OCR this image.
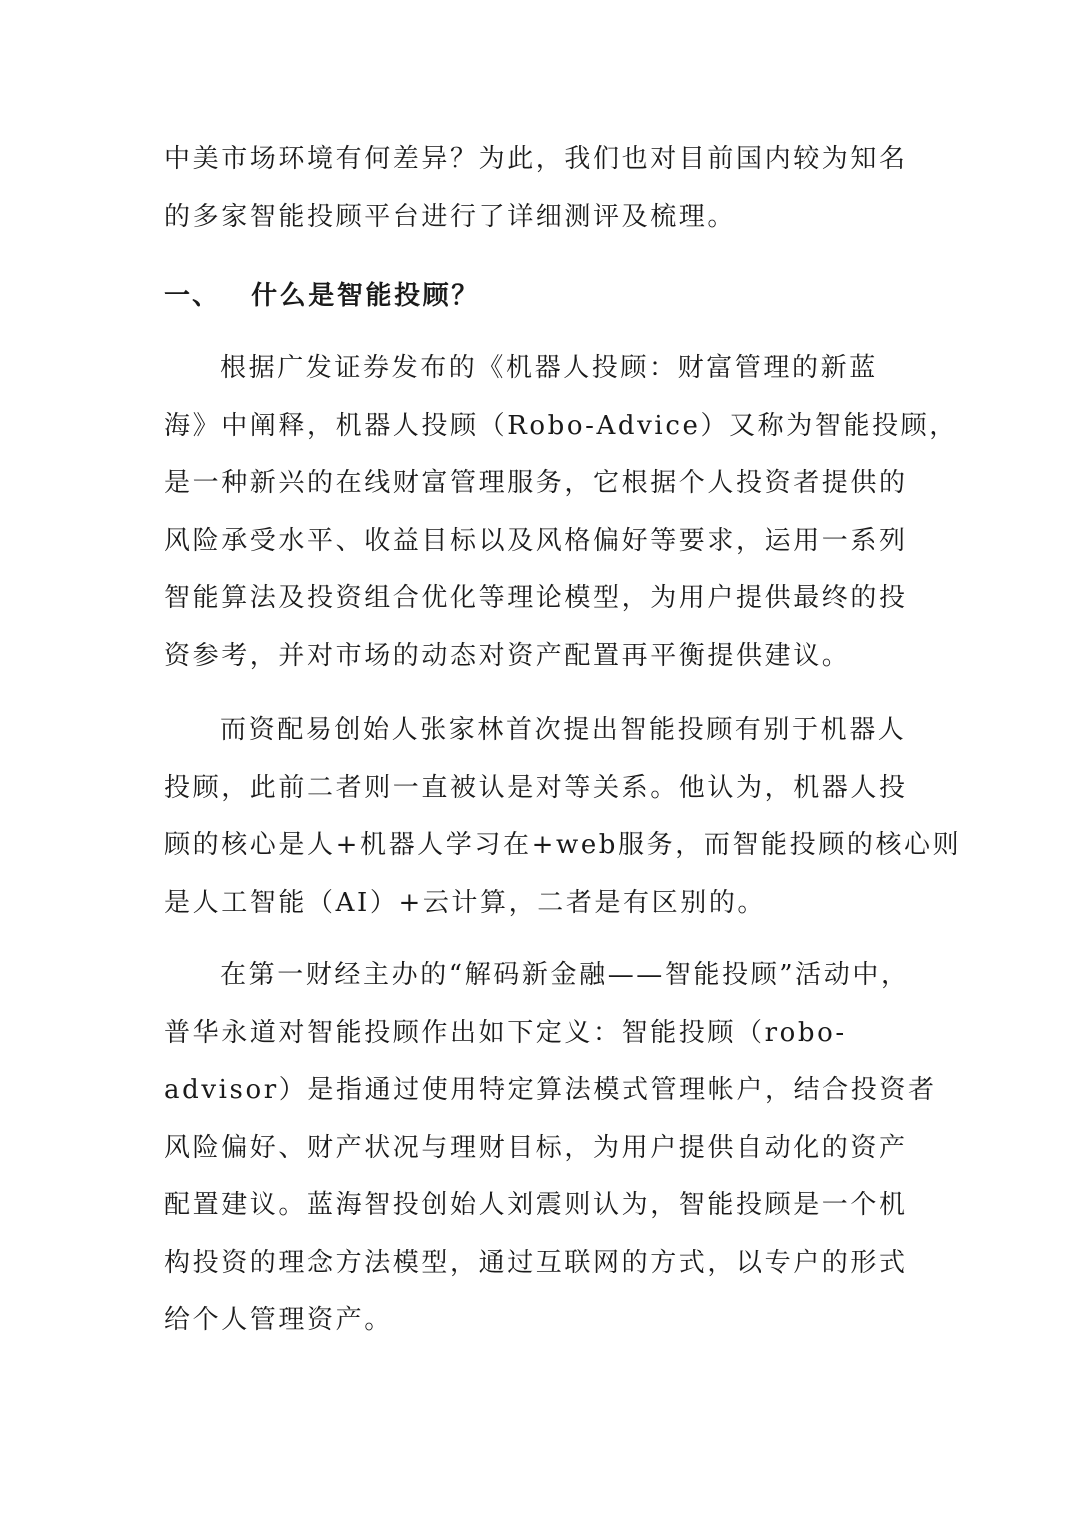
中美市场环境有何差异？为此，我们也对目前国内较为知名
的多家智能投顾平台进行了详细测评及梳理。
一、 什么是智能投顾？
根据广发证券发布的《机器人投顾：财富管理的新蓝
海》中阐释，机器人投顾（Robo-Advice）又称为智能投顾，
是一种新兴的在线财富管理服务，它根据个人投资者提供的
风险承受水平、收益目标以及风格偏好等要求，运用一系列
智能算法及投资组合优化等理论模型，为用户提供最终的投
资参考，并对市场的动态对资产配置再平衡提供建议。
而资配易创始人张家林首次提出智能投顾有别于机器人
投顾，此前二者则一直被认是对等关系。他认为，机器人投
顾的核心是人+机器人学习在+web服务，而智能投顾的核心则
是人工智能（AI）+云计算，二者是有区别的。
在第一财经主办的“解码新金融——智能投顾”活动中，
普华永道对智能投顾作出如下定义：智能投顾（robo-
advisor）是指通过使用特定算法模式管理帐户，结合投资者
风险偏好、财产状况与理财目标，为用户提供自动化的资产
配置建议。蓝海智投创始人刘震则认为，智能投顾是一个机
构投资的理念方法模型，通过互联网的方式，以专户的形式
给个人管理资产。
